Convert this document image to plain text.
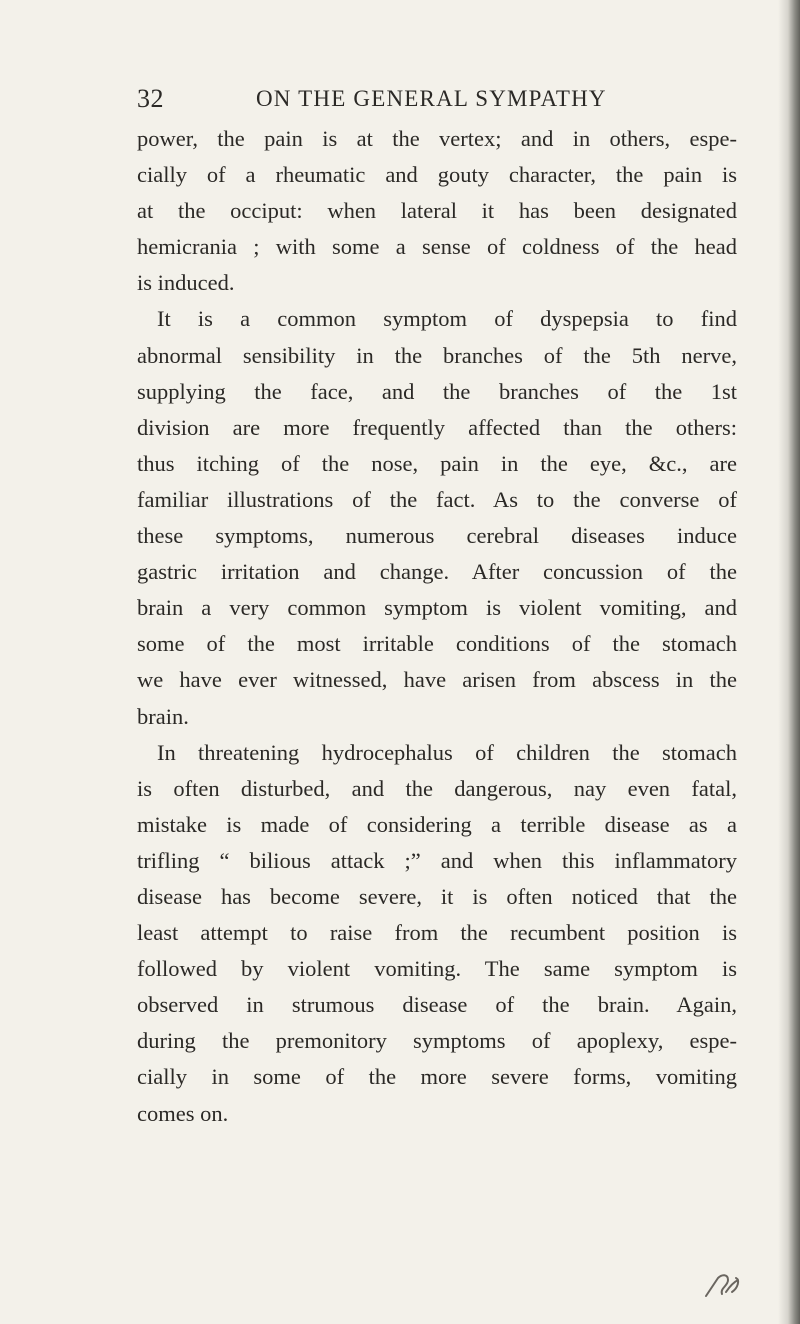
32	ON THE GENERAL SYMPATHY
power, the pain is at the vertex; and in others, espe-
cially of a rheumatic and gouty character, the pain is
at the occiput: when lateral it has been designated
hemicrania ; with some a sense of coldness of the head
is induced.
It is a common symptom of dyspepsia to find
abnormal sensibility in the branches of the 5th nerve,
supplying the face, and the branches of the 1st
division are more frequently affected than the others:
thus itching of the nose, pain in the eye, &c., are
familiar illustrations of the fact. As to the converse of
these symptoms, numerous cerebral diseases induce
gastric irritation and change. After concussion of the
brain a very common symptom is violent vomiting, and
some of the most irritable conditions of the stomach
we have ever witnessed, have arisen from abscess in the
brain.
In threatening hydrocephalus of children the stomach
is often disturbed, and the dangerous, nay even fatal,
mistake is made of considering a terrible disease as a
trifling “ bilious attack ;” and when this inflammatory
disease has become severe, it is often noticed that the
least attempt to raise from the recumbent position is
followed by violent vomiting. The same symptom is
observed in strumous disease of the brain. Again,
during the premonitory symptoms of apoplexy, espe-
cially in some of the more severe forms, vomiting
comes on.
